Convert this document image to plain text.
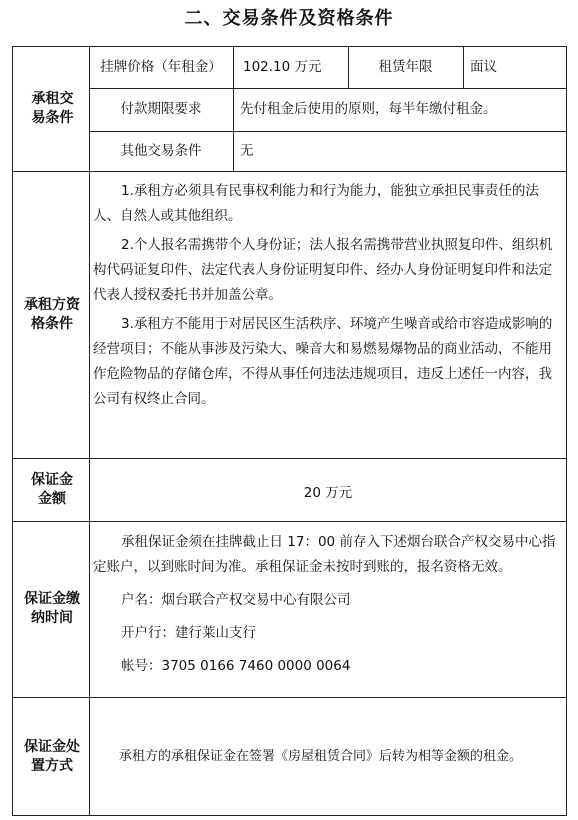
二、交易条件及资格条件
承租交易条件
挂牌价格（年租金）	102.10 万元	租赁年限	面议
付款期限要求	先付租金后使用的原则，每半年缴付租金。
其他交易条件	无
承租方资格条件

1.承租方必须具有民事权利能力和行为能力，能独立承担民事责任的法人、自然人或其他组织。

2.个人报名需携带个人身份证；法人报名需携带营业执照复印件、组织机构代码证复印件、法定代表人身份证明复印件、经办人身份证明复印件和法定代表人授权委托书并加盖公章。

3.承租方不能用于对居民区生活秩序、环境产生噪音或给市容造成影响的经营项目；不能从事涉及污染大、噪音大和易燃易爆物品的商业活动，不能用作危险物品的存储仓库，不得从事任何违法违规项目，违反上述任一内容，我公司有权终止合同。

保证金金额	20 万元
保证金缴纳时间

承租保证金须在挂牌截止日 17：00 前存入下述烟台联合产权交易中心指定账户，以到账时间为准。承租保证金未按时到账的，报名资格无效。

户名：烟台联合产权交易中心有限公司

开户行：建行莱山支行

帐号：3705 0166 7460 0000 0064

保证金处置方式
承租方的承租保证金在签署《房屋租赁合同》后转为相等金额的租金。
